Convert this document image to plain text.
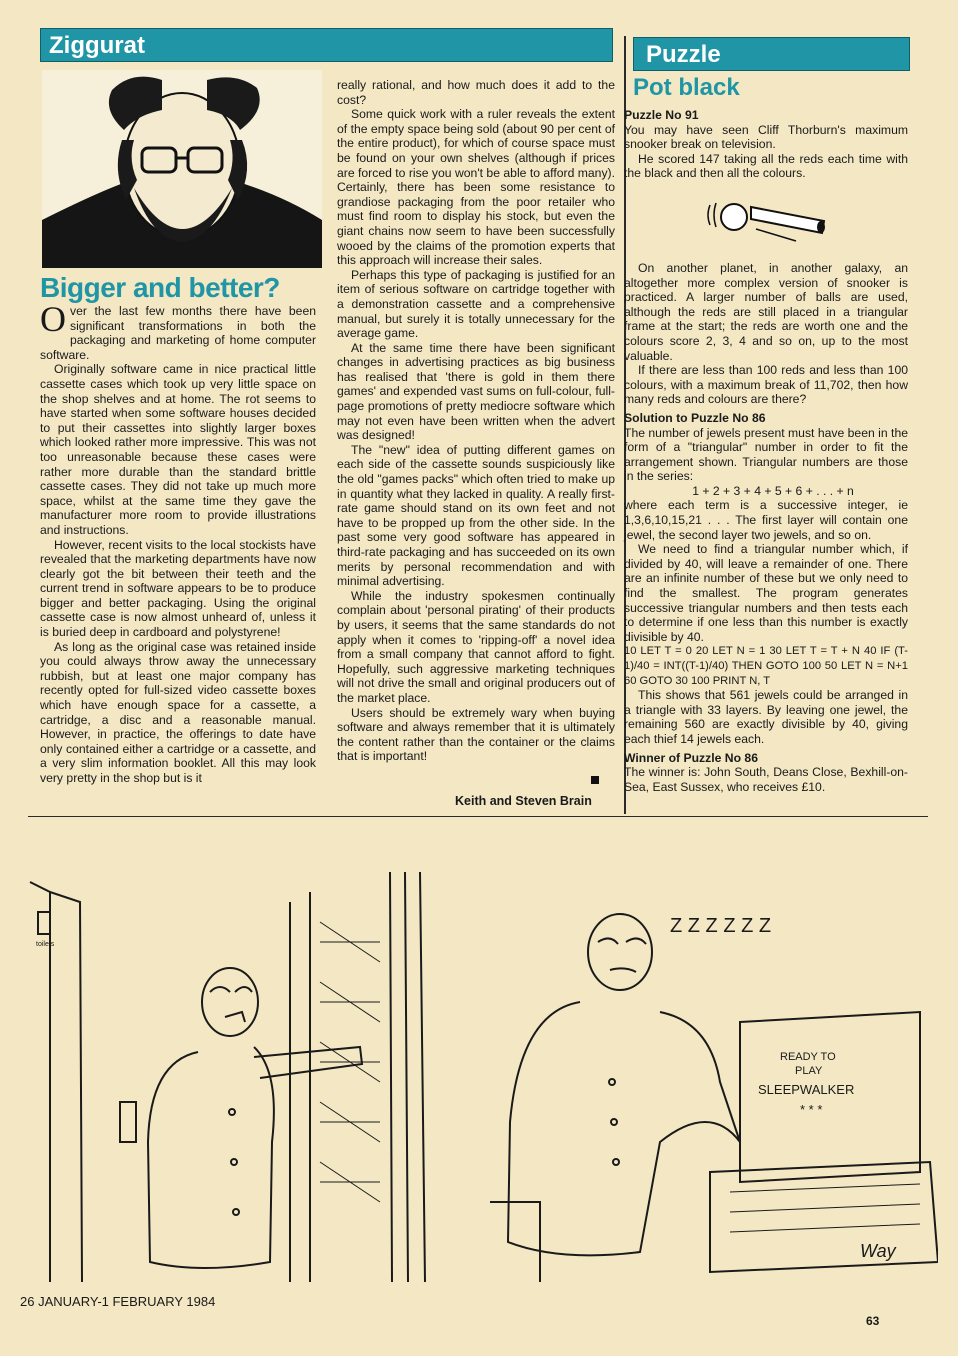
Ziggurat	Puzzle
Bigger and better?

Over the last few months there have been significant transformations in both the packaging and marketing of home computer software.

Originally software came in nice practical little cassette cases which took up very little space on the shop shelves and at home. The rot seems to have started when some software houses decided to put their cassettes into slightly larger boxes which looked rather more impressive. This was not too unreasonable because these cases were rather more durable than the standard brittle cassette cases. They did not take up much more space, whilst at the same time they gave the manufacturer more room to provide illustrations and instructions.

However, recent visits to the local stockists have revealed that the marketing departments have now clearly got the bit between their teeth and the current trend in software appears to be to produce bigger and better packaging. Using the original cassette case is now almost unheard of, unless it is buried deep in cardboard and polystyrene!

As long as the original case was retained inside you could always throw away the unnecessary rubbish, but at least one major company has recently opted for full-sized video cassette boxes which have enough space for a cassette, a cartridge, a disc and a reasonable manual. However, in practice, the offerings to date have only contained either a cartridge or a cassette, and a very slim information booklet. All this may look very pretty in the shop but is it

really rational, and how much does it add to the cost?

Some quick work with a ruler reveals the extent of the empty space being sold (about 90 per cent of the entire product), for which of course space must be found on your own shelves (although if prices are forced to rise you won't be able to afford many). Certainly, there has been some resistance to grandiose packaging from the poor retailer who must find room to display his stock, but even the giant chains now seem to have been successfully wooed by the claims of the promotion experts that this approach will increase their sales.

Perhaps this type of packaging is justified for an item of serious software on cartridge together with a demonstration cassette and a comprehensive manual, but surely it is totally unnecessary for the average game.

At the same time there have been significant changes in advertising practices as big business has realised that 'there is gold in them there games' and expended vast sums on full-colour, full-page promotions of pretty mediocre software which may not even have been written when the advert was designed!

The "new" idea of putting different games on each side of the cassette sounds suspiciously like the old "games packs" which often tried to make up in quantity what they lacked in quality. A really first-rate game should stand on its own feet and not have to be propped up from the other side. In the past some very good software has appeared in third-rate packaging and has succeeded on its own merits by personal recommendation and with minimal advertising.

While the industry spokesmen continually complain about 'personal pirating' of their products by users, it seems that the same standards do not apply when it comes to 'ripping-off' a novel idea from a small company that cannot afford to fight. Hopefully, such aggressive marketing techniques will not drive the small and original producers out of the market place.

Users should be extremely wary when buying software and always remember that it is ultimately the content rather than the container or the claims that is important!

Keith and Steven Brain
Pot black

Puzzle No 91

You may have seen Cliff Thorburn's maximum snooker break on television.

He scored 147 taking all the reds each time with the black and then all the colours.

On another planet, in another galaxy, an altogether more complex version of snooker is practiced. A larger number of balls are used, although the reds are still placed in a triangular frame at the start; the reds are worth one and the colours score 2, 3, 4 and so on, up to the most valuable.

If there are less than 100 reds and less than 100 colours, with a maximum break of 11,702, then how many reds and colours are there?

Solution to Puzzle No 86

The number of jewels present must have been in the form of a "triangular" number in order to fit the arrangement shown. Triangular numbers are those in the series:

1 + 2 + 3 + 4 + 5 + 6 + . . . + n

where each term is a successive integer, ie 1,3,6,10,15,21 . . . The first layer will contain one jewel, the second layer two jewels, and so on.

We need to find a triangular number which, if divided by 40, will leave a remainder of one. There are an infinite number of these but we only need to find the smallest. The program generates successive triangular numbers and then tests each to determine if one less than this number is exactly divisible by 40.

10 LET T = 0 20 LET N = 1 30 LET T = T + N 40 IF (T-1)/40 = INT((T-1)/40) THEN GOTO 100 50 LET N = N+1 60 GOTO 30 100 PRINT N, T

This shows that 561 jewels could be arranged in a triangle with 33 layers. By leaving one jewel, the remaining 560 are exactly divisible by 40, giving each thief 14 jewels each.

Winner of Puzzle No 86

The winner is: John South, Deans Close, Bexhill-on-Sea, East Sussex, who receives £10.

Z Z Z Z Z Z
READY TO
PLAY
SLEEPWALKER
* * *
toilets
Way
26 JANUARY-1 FEBRUARY 1984
63
